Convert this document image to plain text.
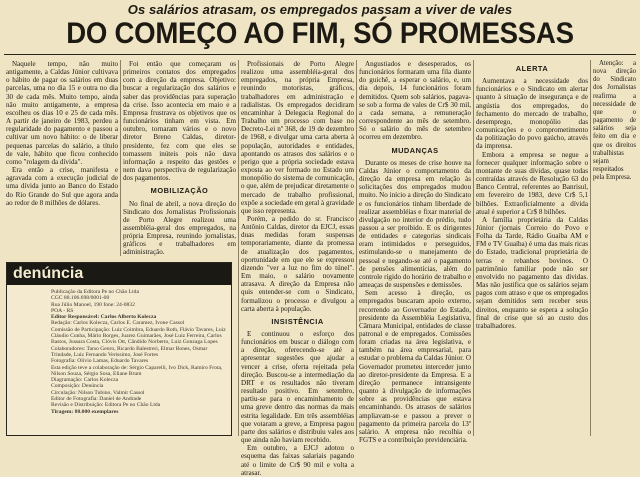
Os salários atrasam, os empregados passam a viver de vales
DO COMEÇO AO FIM, SÓ PROMESSAS

Naquele tempo, não muito antigamente, a Caldas Júnior cultivava o hábito de pagar os salários em duas parcelas, uma no dia 15 e outra no dia 30 de cada mês. Muito tempo, ainda não muito antigamente, a empresa escolheu os dias 10 e 25 de cada mês. A partir de janeiro de 1983, perdeu a regularidade do pagamento e passou a cultivar um novo hábito: o de liberar pequenas parcelas do salário, a título de vale, hábito que ficou conhecido como "rolagem da dívida".

Era então a crise, manifesta e agravada com a execução judicial de uma dívida junto ao Banco do Estado do Rio Grande do Sul que agora anda ao redor de 8 milhões de dólares.

Foi então que começaram os primeiros contatos dos empregados com a direção da empresa. Objetivo: buscar a regularização dos salários e saber das providências para superação da crise. Isso acontecia em maio e a Empresa frustrava os objetivos que os funcionários tinham em vista. Em outubro, tornaram vários e o novo diretor Breno Caldas, diretor-presidente, fez com que eles se tornassem inúteis pois não dava informação a respeito das gestões e nem dava perspectiva de regularização dos pagamentos.

MOBILIZAÇÃO

No final de abril, a nova direção do Sindicato dos Jornalistas Profissionais de Porto Alegre realizou uma assembléia-geral dos empregados, na própria Empresa, reunindo jornalistas, gráficos e trabalhadores em administração.

Profissionais de Porto Alegre realizou uma assembléia-geral dos empregados, na própria Empresa, reunindo motoristas, gráficos, trabalhadores em administração e radialistas. Os empregados decidiram encaminhar à Delegacia Regional do Trabalho um processo com base no Decreto-Lei nº 368, de 19 de dezembro de 1968, e divulgar uma carta aberta à população, autoridades e entidades, apontando os atrasos dos salários e o perigo que a própria sociedade estava exposta ao ver formado no Estado um monopólio do sistema de comunicação, o que, além de prejudicar diretamente o mercado de trabalho profissional, expõe a sociedade em geral à gravidade que isso representa.

Porém, a pedido do sr. Francisco Antônio Caldas, diretor da EJCJ, essas duas medidas foram suspensas temporariamente, diante da promessa de atualização dos pagamentos, oportunidade em que ele se expressou dizendo "ver a luz no fim do túnel". Em maio, o salário novamente atrasava. A direção da Empresa não quis entender-se com o Sindicato, formalizou o processo e divulgou a carta aberta à população.

INSISTÊNCIA

E continuou o esforço dos funcionários em buscar o diálogo com a direção, oferecendo-se até a apresentar sugestões que ajudar a vencer a crise, oferta rejeitada pela direção. Buscou-se a intermediação da DRT e os resultados não tiveram resultado positivo. Em setembro, partiu-se para o encaminhamento de uma greve dentro das normas da mais estrita legalidade. Em três assembléias que votaram a greve, a Empresa pagou parte dos salários e distribuiu vales aos que ainda não haviam recebido.

Em outubro, a EJCJ adotou o esquema das faixas salariais pagando até o limite de Cr$ 90 mil e volta a atrasar.

Angustiados e desesperados, os funcionários formaram uma fila diante do guichê, a esperar o salário, e, um dia depois, 14 funcionários foram demitidos. Quem sob salários, pagava-se sob a forma de vales de Cr$ 30 mil, a cada semana, a remuneração correspondente ao mês de setembro. Só o salário do mês de setembro ocorreu em dezembro.

MUDANÇAS

Durante os meses de crise houve na Caldas Júnior o comportamento da direção da empresa em relação às solicitações dos empregados mudou muito. No início a direção do Sindicato e os funcionários tinham liberdade de realizar assembléias e fixar material de divulgação no interior do prédio, tudo passou a ser proibido. E os dirigentes de entidades e categorias sindicais eram intimidados e perseguidos, estimulando-se o manejamento de pessoal e negando-se até o pagamento de pensões alimentícias, além do controle rígido do horário de trabalho e ameaças de suspensões e demissões.

Sem acesso à direção, os empregados buscaram apoio externo, recorrendo ao Governador do Estado, presidente da Assembléia Legislativa, Câmara Municipal, entidades de classe patronal e de empregados. Comissões foram criadas na área legislativa, e também na área empresarial, para estudar o problema da Caldas Júnior. O Governador prometeu interceder junto ao diretor-presidente da Empresa. E a direção permanece intransigente quanto à divulgação de informações sobre as providências que estava encaminhando. Os atrasos de salários ampliavam-se e passou a prever o pagamento da primeira parcela do 13º salário. A empresa não recolhia o FGTS e a contribuição previdenciária.

ALERTA

Aumentava a necessidade dos funcionários e o Sindicato em alertar quanto à situação de insegurança e de angústia dos empregados, do fechamento do mercado de trabalho, desemprego, monopólio das comunicações e o comprometimento da politização do povo gaúcho, através da imprensa.

Embora a empresa se negue a fornecer qualquer informação sobre o montante de suas dívidas, quase todas contraídas através de Resolução 63 do Banco Central, referentes ao Banrisul, em fevereiro de 1983, deve Cr$ 5,1 bilhões. Extraoficialmente a dívida atual é superior a Cr$ 8 bilhões.

A família proprietária da Caldas Júnior (jornais Correio do Povo e Folha da Tarde, Rádio Guaíba AM e FM e TV Guaíba) é uma das mais ricas do Estado, tradicional proprietária de terras e rebanhos bovinos. O patrimônio familiar pode não ser envolvido no pagamento das dívidas. Mas não justifica que os salários sejam pagos com atraso e que os empregados sejam demitidos sem receber seus direitos, enquanto se espera a solução final de crise que só ao custo dos trabalhadores.

Atenção: a nova direção do Sindicato dos Jornalistas reafirma a necessidade de que o pagamento de salários seja feito em dia e que os direitos trabalhistas sejam respeitados pela Empresa.

denúncia
Publicação da Editora Pe no Chão Ltda
CGC 88.106.698/0001-00
Rua Júlio Manoel, 190 fone: 24-0832
POA - RS
Editor Responsável: Carlos Alberto Kolecza
Redação: Carlos Kolecza, Carlos E. Caramez, Ivone Cassol
Comissão de Participação: Luiz Coimbra, Eduardo Roth, Flávio Tavares, Luiz Cláudio Cunha, Mário Borges, Juarez Guimarães, José Luiz Ferreira, Carlos Bastos, Jussara Costa, Clóvis Ott, Cândido Norberto, Luiz Gonzaga Lopes
Colaboradores: Tarso Genro, Ricardo Balestreri, Elmar Bones, Osmar Trindade, Luiz Fernando Verissimo, José Fortes
Fotografia: Olívio Lamas, Eduardo Tavares
Esta edição teve a colaboração de: Sérgio Caparelli, Ivo Dick, Ramiro Frota, Nilson Souza, Sérgio Sosa, Eliane Brum
Diagramação: Carlos Kolecza
Composição: Denúncia
Circulação: Nilson Tubino, Valmir Cassol
Editor de Fotografia: Daniel de Andrade
Revisão e Distribuição: Editora Pe no Chão Ltda
Tiragem: 80.000 exemplares
